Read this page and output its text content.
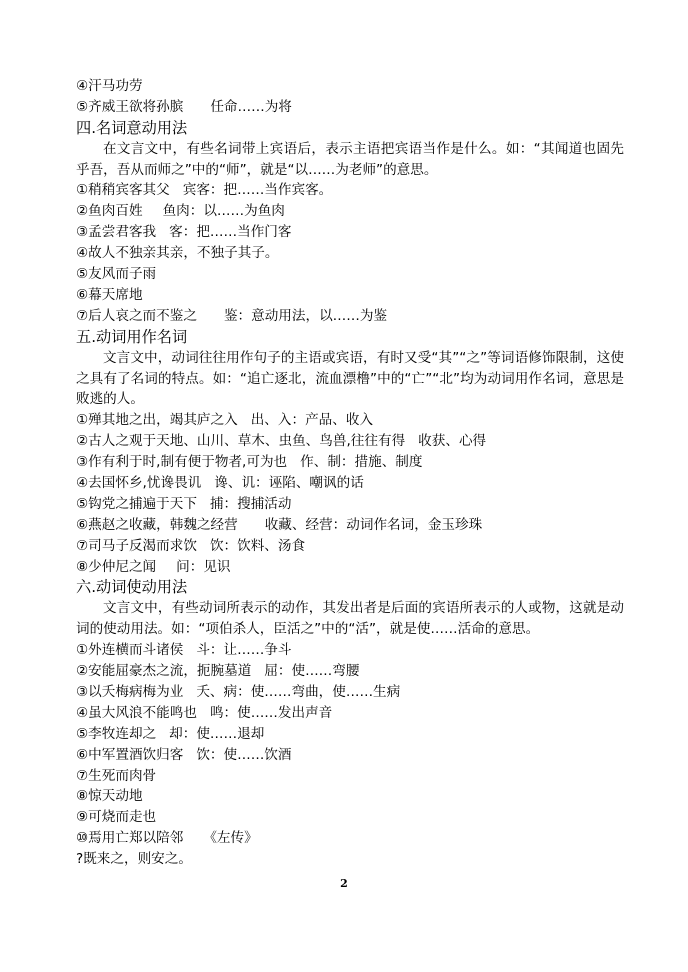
④汗马功劳
⑤齐威王欲将孙膑 任命……为将
四.名词意动用法
在文言文中，有些名词带上宾语后，表示主语把宾语当作是什么。如：“其闻道也固先乎吾，吾从而师之”中的“师”，就是“以……为老师”的意思。
①稍稍宾客其父 宾客：把……当作宾客。
②鱼肉百姓 鱼肉：以……为鱼肉
③孟尝君客我 客：把……当作门客
④故人不独亲其亲，不独子其子。
⑤友风而子雨
⑥幕天席地
⑦后人哀之而不鉴之 鉴：意动用法，以……为鉴
五.动词用作名词
文言文中，动词往往用作句子的主语或宾语，有时又受“其”“之”等词语修饰限制，这使之具有了名词的特点。如：“追亡逐北，流血漂橹”中的“亡”“北”均为动词用作名词，意思是败逃的人。
①殚其地之出，竭其庐之入 出、入：产品、收入
②古人之观于天地、山川、草木、虫鱼、鸟兽,往往有得 收获、心得
③作有利于时,制有便于物者,可为也 作、制：措施、制度
④去国怀乡,忧谗畏讥 谗、讥：诬陷、嘲讽的话
⑤钩党之捕遍于天下 捕：搜捕活动
⑥燕赵之收藏，韩魏之经营 收藏、经营：动词作名词，金玉珍珠
⑦司马子反渴而求饮 饮：饮料、汤食
⑧少仲尼之闻 问：见识
六.动词使动用法
文言文中，有些动词所表示的动作，其发出者是后面的宾语所表示的人或物，这就是动词的使动用法。如：“项伯杀人，臣活之”中的“活”，就是使……活命的意思。
①外连横而斗诸侯 斗：让……争斗
②安能屈豪杰之流，扼腕墓道 屈：使……弯腰
③以夭梅病梅为业 夭、病：使……弯曲，使……生病
④虽大风浪不能鸣也 鸣：使……发出声音
⑤李牧连却之 却：使……退却
⑥中军置酒饮归客 饮：使……饮酒
⑦生死而肉骨
⑧惊天动地
⑨可烧而走也
⑩焉用亡郑以陪邻 《左传》
?既来之，则安之。
2
